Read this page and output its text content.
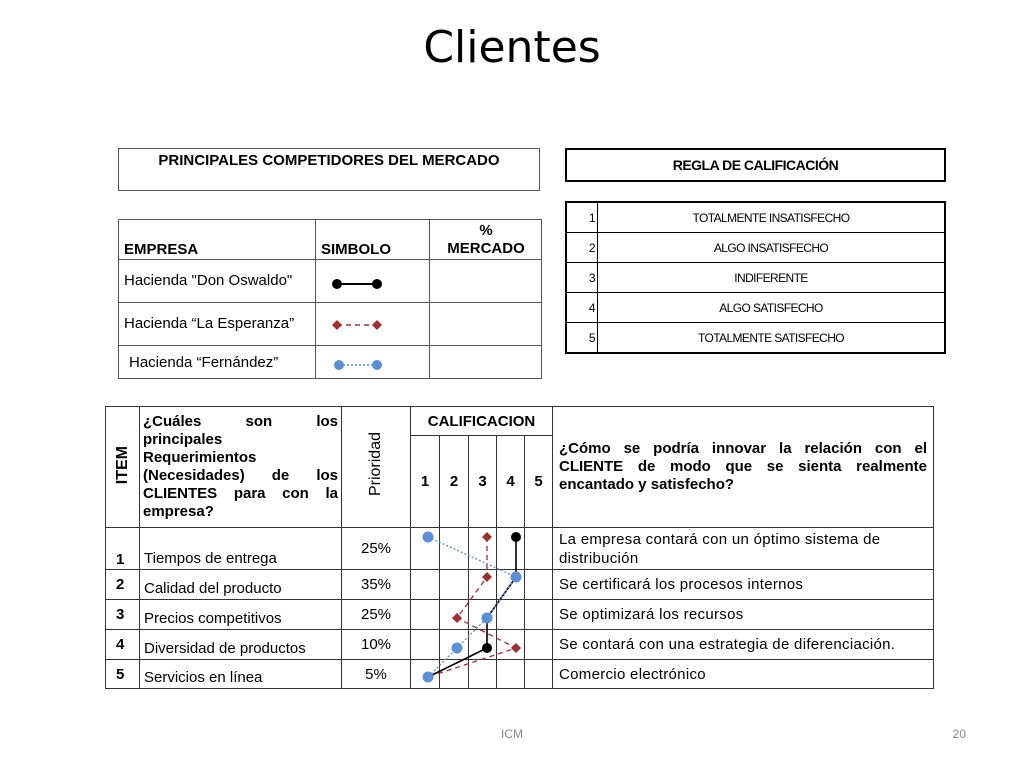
Clientes
PRINCIPALES COMPETIDORES DEL MERCADO
EMPRESA	SIMBOLO	%
MERCADO
Hacienda "Don Oswaldo"		
Hacienda “La Esperanza”		
Hacienda “Fernández”		
REGLA DE CALIFICACIÓN
1	TOTALMENTE INSATISFECHO
2	ALGO INSATISFECHO
3	INDIFERENTE
4	ALGO SATISFECHO
5	TOTALMENTE SATISFECHO
ITEM	¿Cuáles son los principales Requerimientos (Necesidades) de los CLIENTES para con la empresa?	Prioridad	CALIFICACION					¿Cómo se podría innovar la relación con el CLIENTE de modo que se sienta realmente encantado y satisfecho?
			1	2	3	4	5	
1	Tiempos de entrega	25%						La empresa contará con un óptimo sistema de distribución
2	Calidad del producto	35%						Se certificará los procesos internos
3	Precios competitivos	25%						Se optimizará los recursos
4	Diversidad de productos	10%						Se contará con una estrategia de diferenciación.
5	Servicios en línea	5%						Comercio electrónico
ICM	20
